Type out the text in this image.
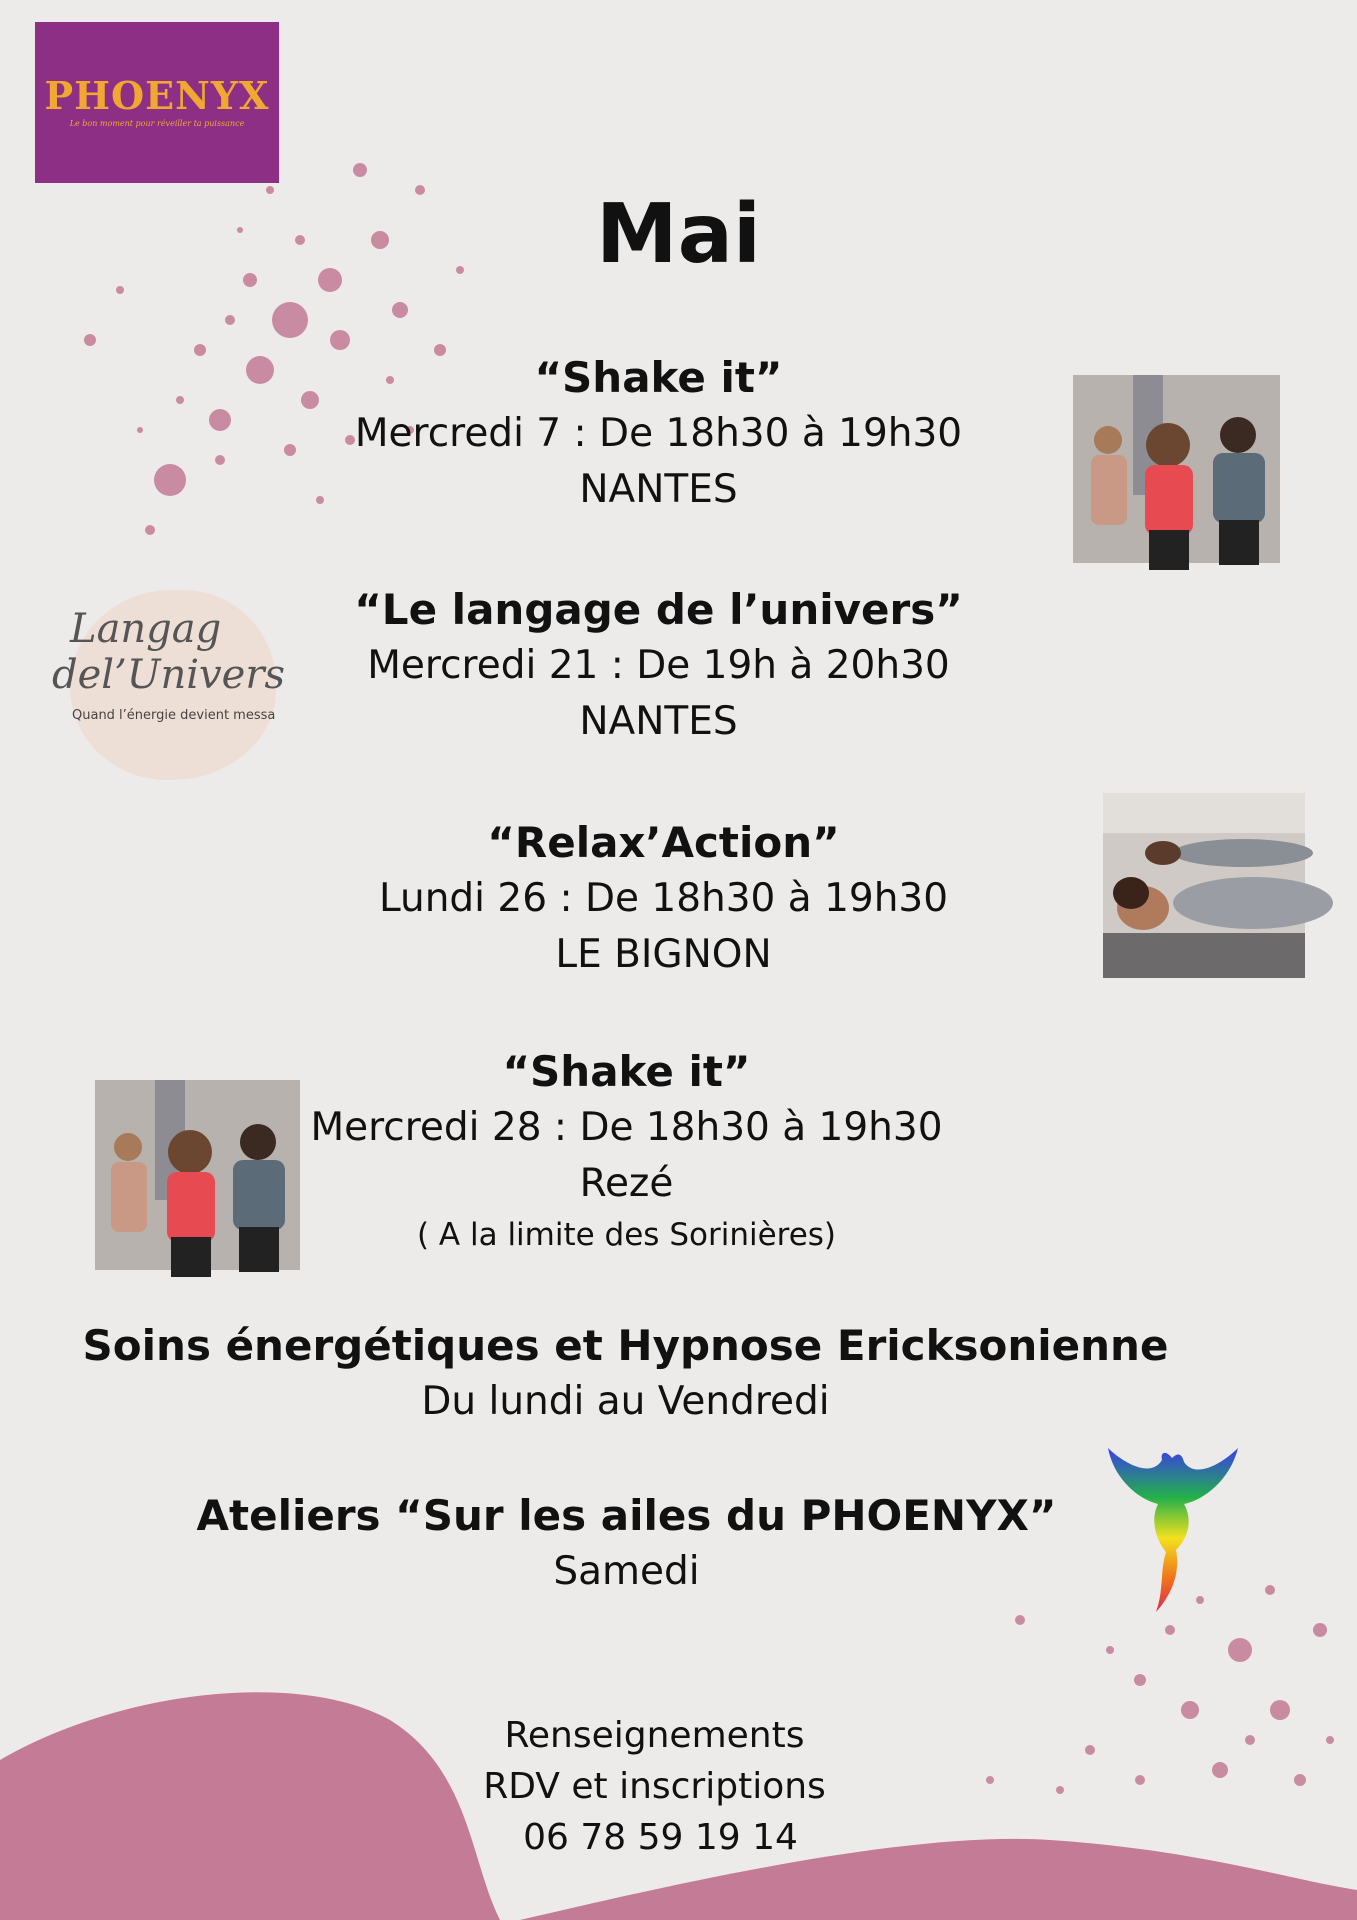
PHOENYX
Le bon moment pour réveiller ta puissance
Mai
“Shake it”
Mercredi 7 : De 18h30 à 19h30
NANTES
“Le langage de l’univers”
Mercredi 21 : De 19h à 20h30
NANTES
“Relax’Action”
Lundi 26 : De 18h30 à 19h30
LE BIGNON
“Shake it”
Mercredi 28 : De 18h30 à 19h30
Rezé
( A la limite des Sorinières)
Soins énergétiques et Hypnose Ericksonienne
Du lundi au Vendredi
Ateliers “Sur les ailes du PHOENYX”
Samedi
Langag
del’Univers
Quand l’énergie devient messa
Renseignements
RDV et inscriptions
06 78 59 19 14
